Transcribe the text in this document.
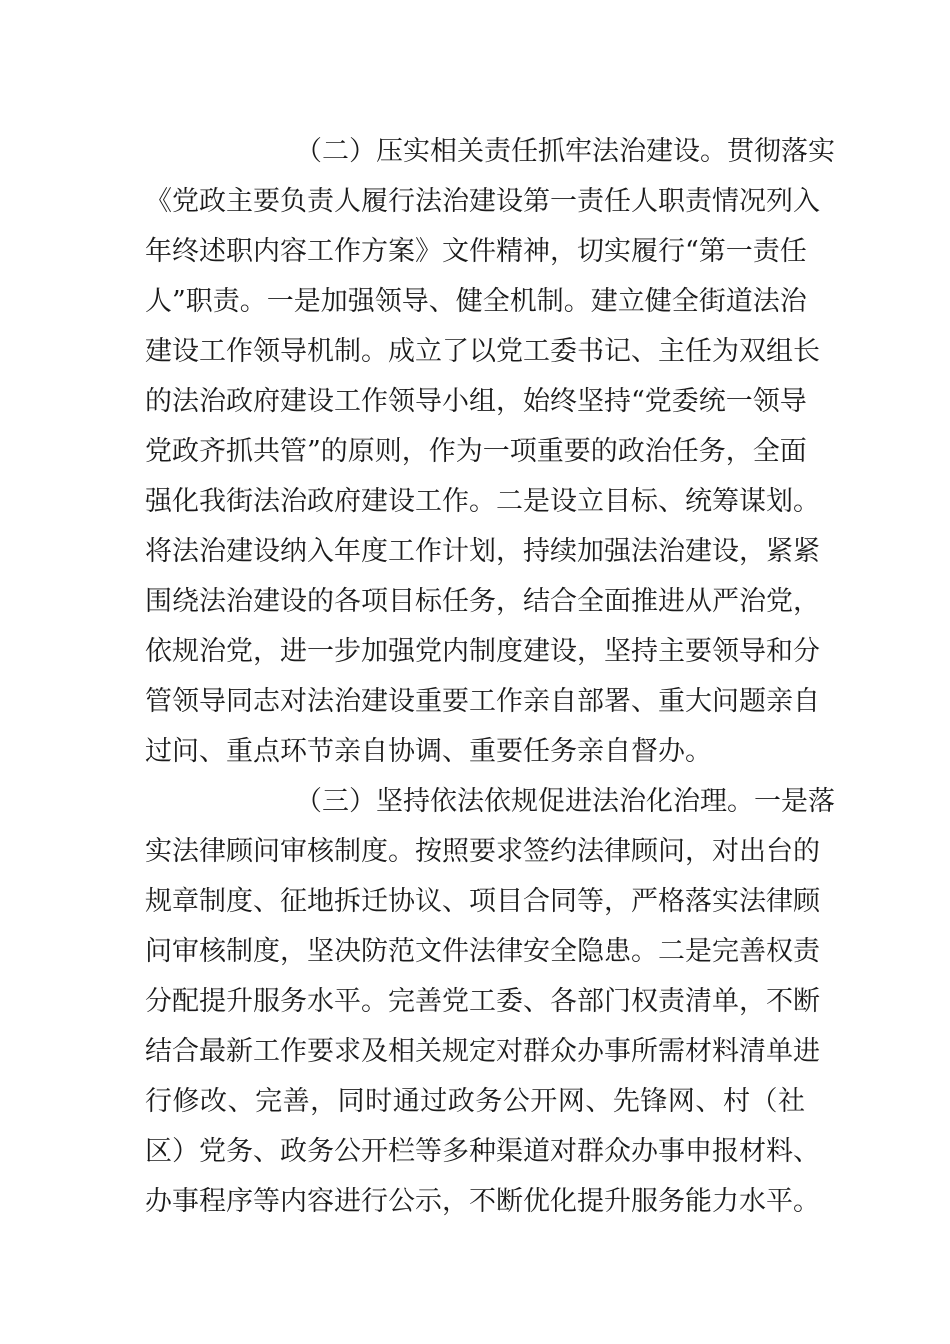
（二）压实相关责任抓牢法治建设。贯彻落实

《党政主要负责人履行法治建设第一责任人职责情况列入

年终述职内容工作方案》文件精神，切实履行“第一责任

人”职责。一是加强领导、健全机制。建立健全街道法治

建设工作领导机制。成立了以党工委书记、主任为双组长

的法治政府建设工作领导小组，始终坚持“党委统一领导

党政齐抓共管”的原则，作为一项重要的政治任务，全面

强化我街法治政府建设工作。二是设立目标、统筹谋划。

将法治建设纳入年度工作计划，持续加强法治建设，紧紧

围绕法治建设的各项目标任务，结合全面推进从严治党，

依规治党，进一步加强党内制度建设，坚持主要领导和分

管领导同志对法治建设重要工作亲自部署、重大问题亲自

过问、重点环节亲自协调、重要任务亲自督办。

（三）坚持依法依规促进法治化治理。一是落

实法律顾问审核制度。按照要求签约法律顾问，对出台的

规章制度、征地拆迁协议、项目合同等，严格落实法律顾

问审核制度，坚决防范文件法律安全隐患。二是完善权责

分配提升服务水平。完善党工委、各部门权责清单，不断

结合最新工作要求及相关规定对群众办事所需材料清单进

行修改、完善，同时通过政务公开网、先锋网、村（社

区）党务、政务公开栏等多种渠道对群众办事申报材料、

办事程序等内容进行公示，不断优化提升服务能力水平。
